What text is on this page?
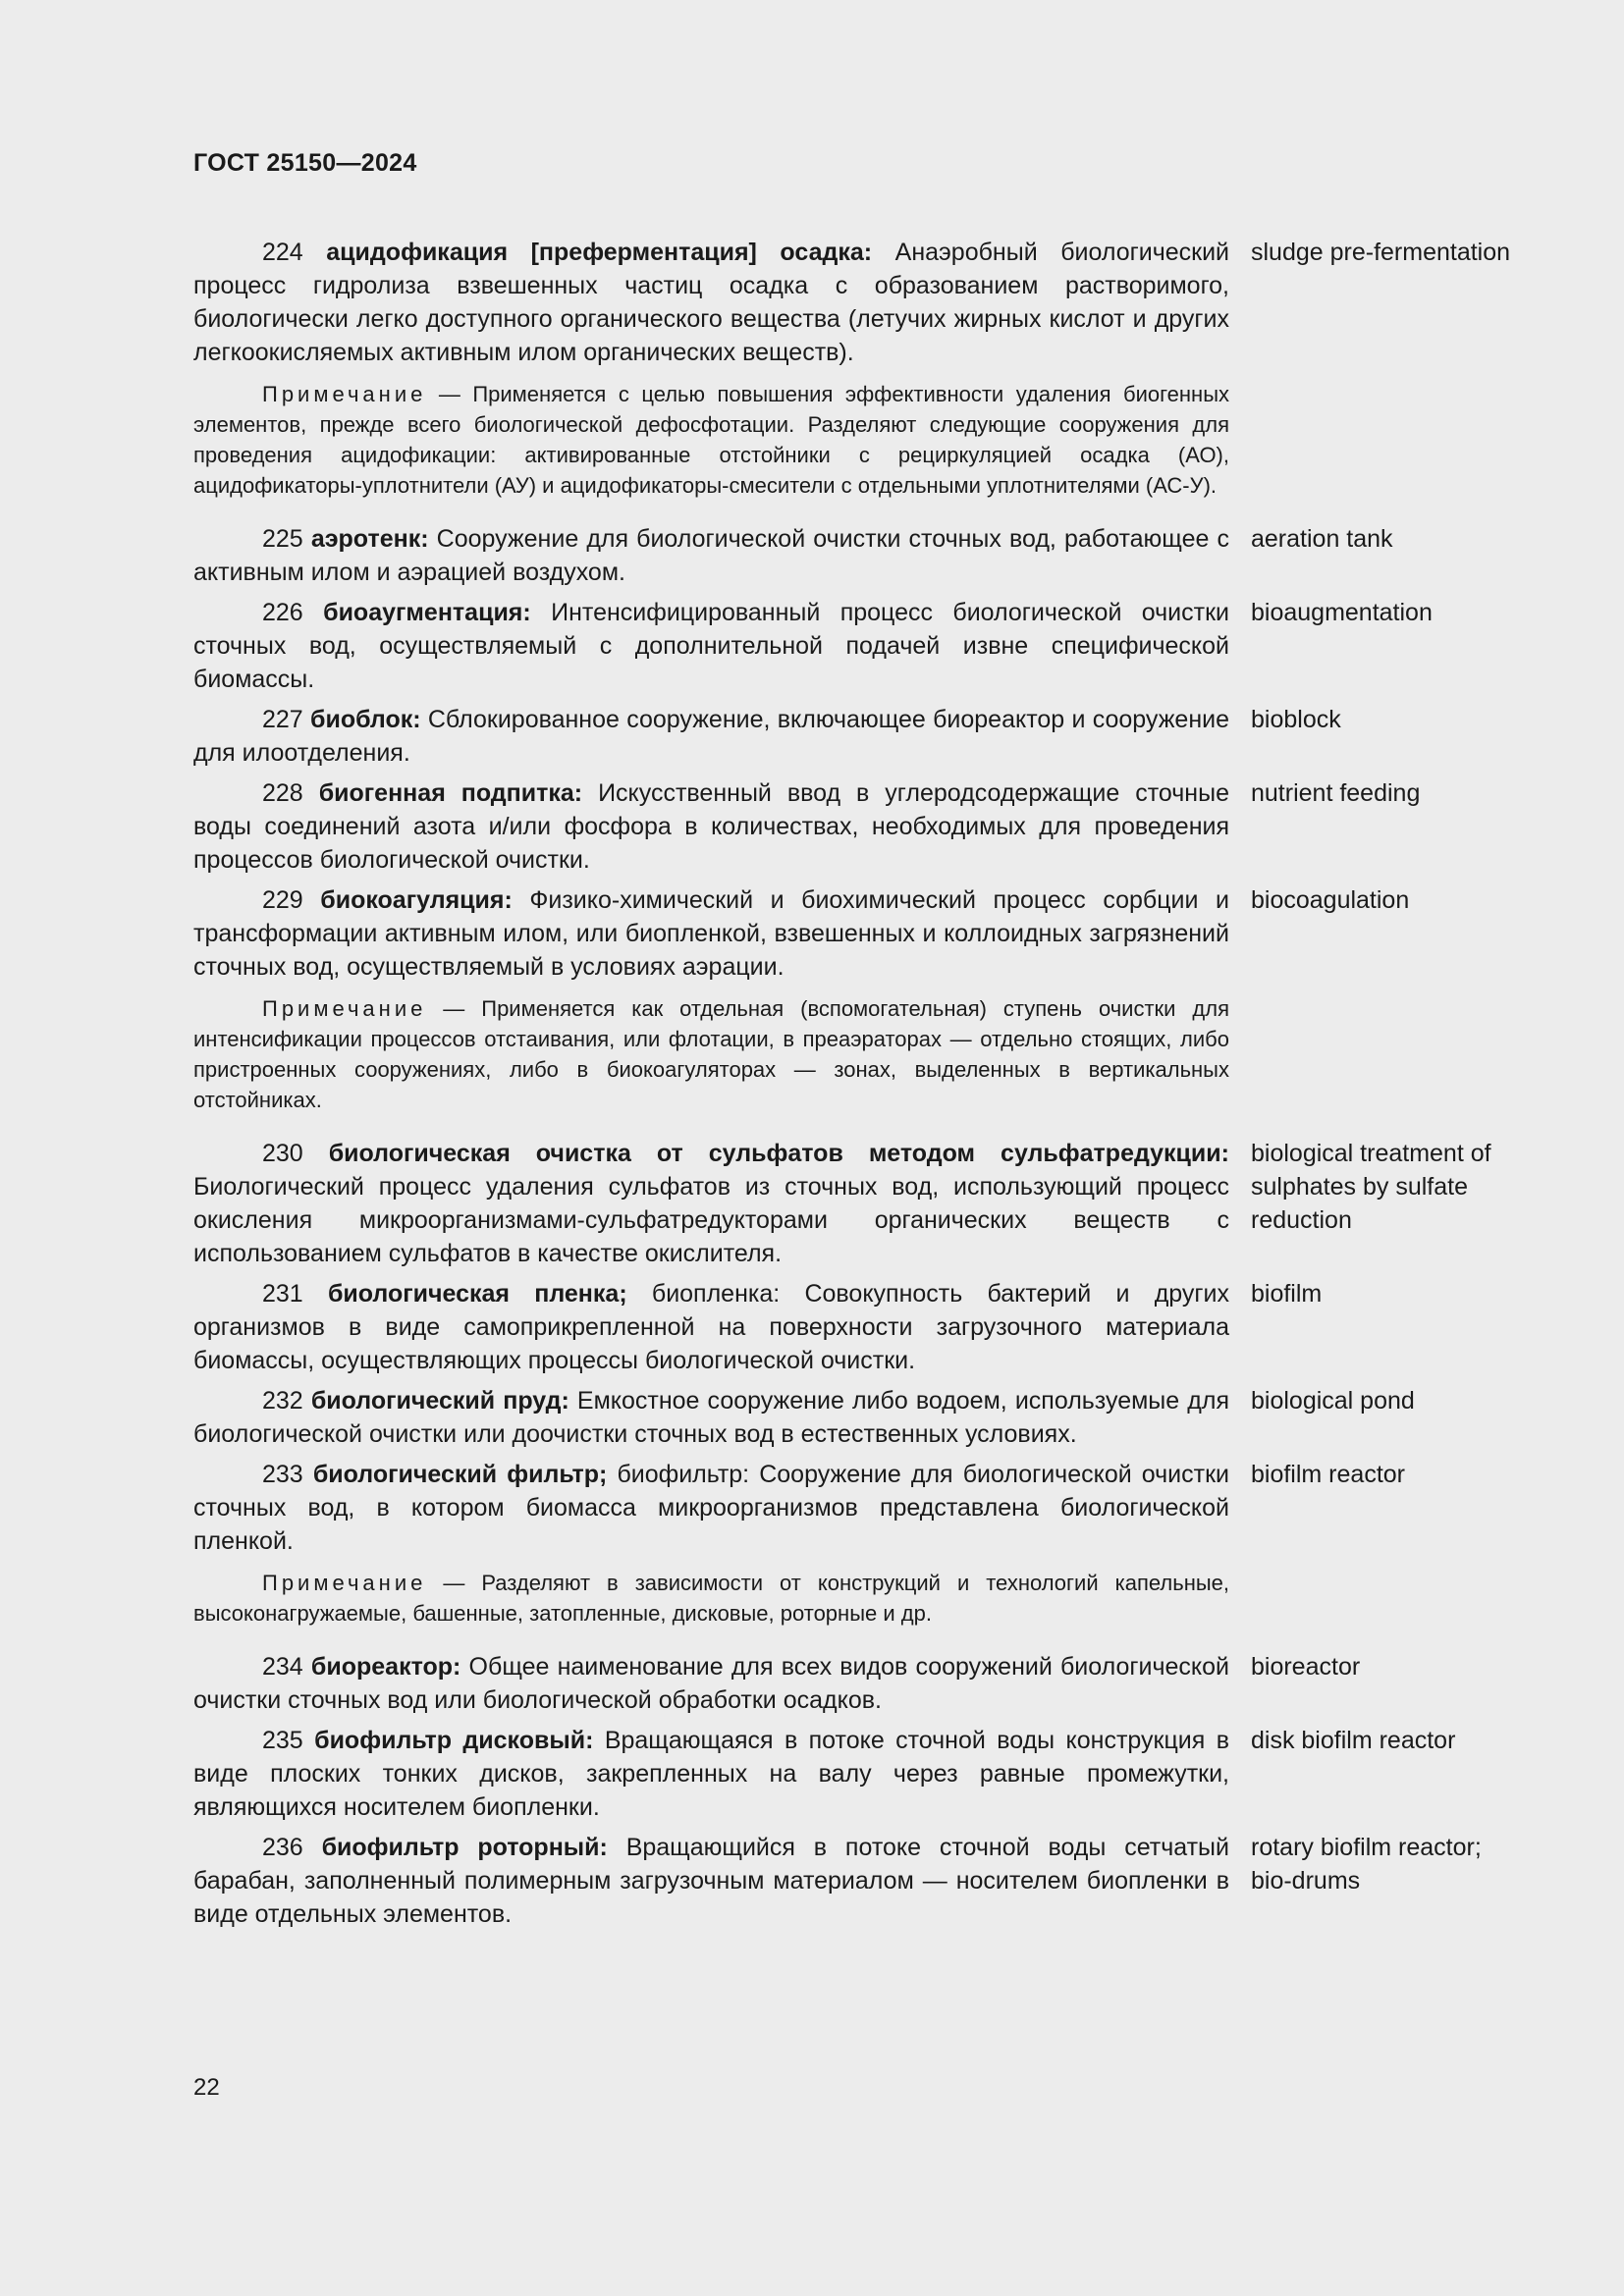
ГОСТ 25150—2024
224 ацидофикация [преферментация] осадка: Анаэробный биологический процесс гидролиза взвешенных частиц осадка с образованием растворимого, биологически легко доступного органического вещества (летучих жирных кислот и других легкоокисляемых активным илом органических веществ).
sludge pre-fermentation
Примечание — Применяется с целью повышения эффективности удаления биогенных элементов, прежде всего биологической дефосфотации. Разделяют следующие сооружения для проведения ацидофикации: активированные отстойники с рециркуляцией осадка (АО), ацидофикаторы-уплотнители (АУ) и ацидофикаторы-смесители с отдельными уплотнителями (АС-У).
225 аэротенк: Сооружение для биологической очистки сточных вод, работающее с активным илом и аэрацией воздухом.
aeration tank
226 биоаугментация: Интенсифицированный процесс биологической очистки сточных вод, осуществляемый с дополнительной подачей извне специфической биомассы.
bioaugmentation
227 биоблок: Сблокированное сооружение, включающее биореактор и сооружение для илоотделения.
bioblock
228 биогенная подпитка: Искусственный ввод в углеродсодержащие сточные воды соединений азота и/или фосфора в количествах, необходимых для проведения процессов биологической очистки.
nutrient feeding
229 биокоагуляция: Физико-химический и биохимический процесс сорбции и трансформации активным илом, или биопленкой, взвешенных и коллоидных загрязнений сточных вод, осуществляемый в условиях аэрации.
biocoagulation
Примечание — Применяется как отдельная (вспомогательная) ступень очистки для интенсификации процессов отстаивания, или флотации, в преаэраторах — отдельно стоящих, либо пристроенных сооружениях, либо в биокоагуляторах — зонах, выделенных в вертикальных отстойниках.
230 биологическая очистка от сульфатов методом сульфатредукции: Биологический процесс удаления сульфатов из сточных вод, использующий процесс окисления микроорганизмами-сульфатредукторами органических веществ с использованием сульфатов в качестве окислителя.
biological treatment of sulphates by sulfate reduction
231 биологическая пленка; биопленка: Совокупность бактерий и других организмов в виде самоприкрепленной на поверхности загрузочного материала биомассы, осуществляющих процессы биологической очистки.
biofilm
232 биологический пруд: Емкостное сооружение либо водоем, используемые для биологической очистки или доочистки сточных вод в естественных условиях.
biological pond
233 биологический фильтр; биофильтр: Сооружение для биологической очистки сточных вод, в котором биомасса микроорганизмов представлена биологической пленкой.
biofilm reactor
Примечание — Разделяют в зависимости от конструкций и технологий капельные, высоконагружаемые, башенные, затопленные, дисковые, роторные и др.
234 биореактор: Общее наименование для всех видов сооружений биологической очистки сточных вод или биологической обработки осадков.
bioreactor
235 биофильтр дисковый: Вращающаяся в потоке сточной воды конструкция в виде плоских тонких дисков, закрепленных на валу через равные промежутки, являющихся носителем биопленки.
disk biofilm reactor
236 биофильтр роторный: Вращающийся в потоке сточной воды сетчатый барабан, заполненный полимерным загрузочным материалом — носителем биопленки в виде отдельных элементов.
rotary biofilm reactor; bio-drums
22
